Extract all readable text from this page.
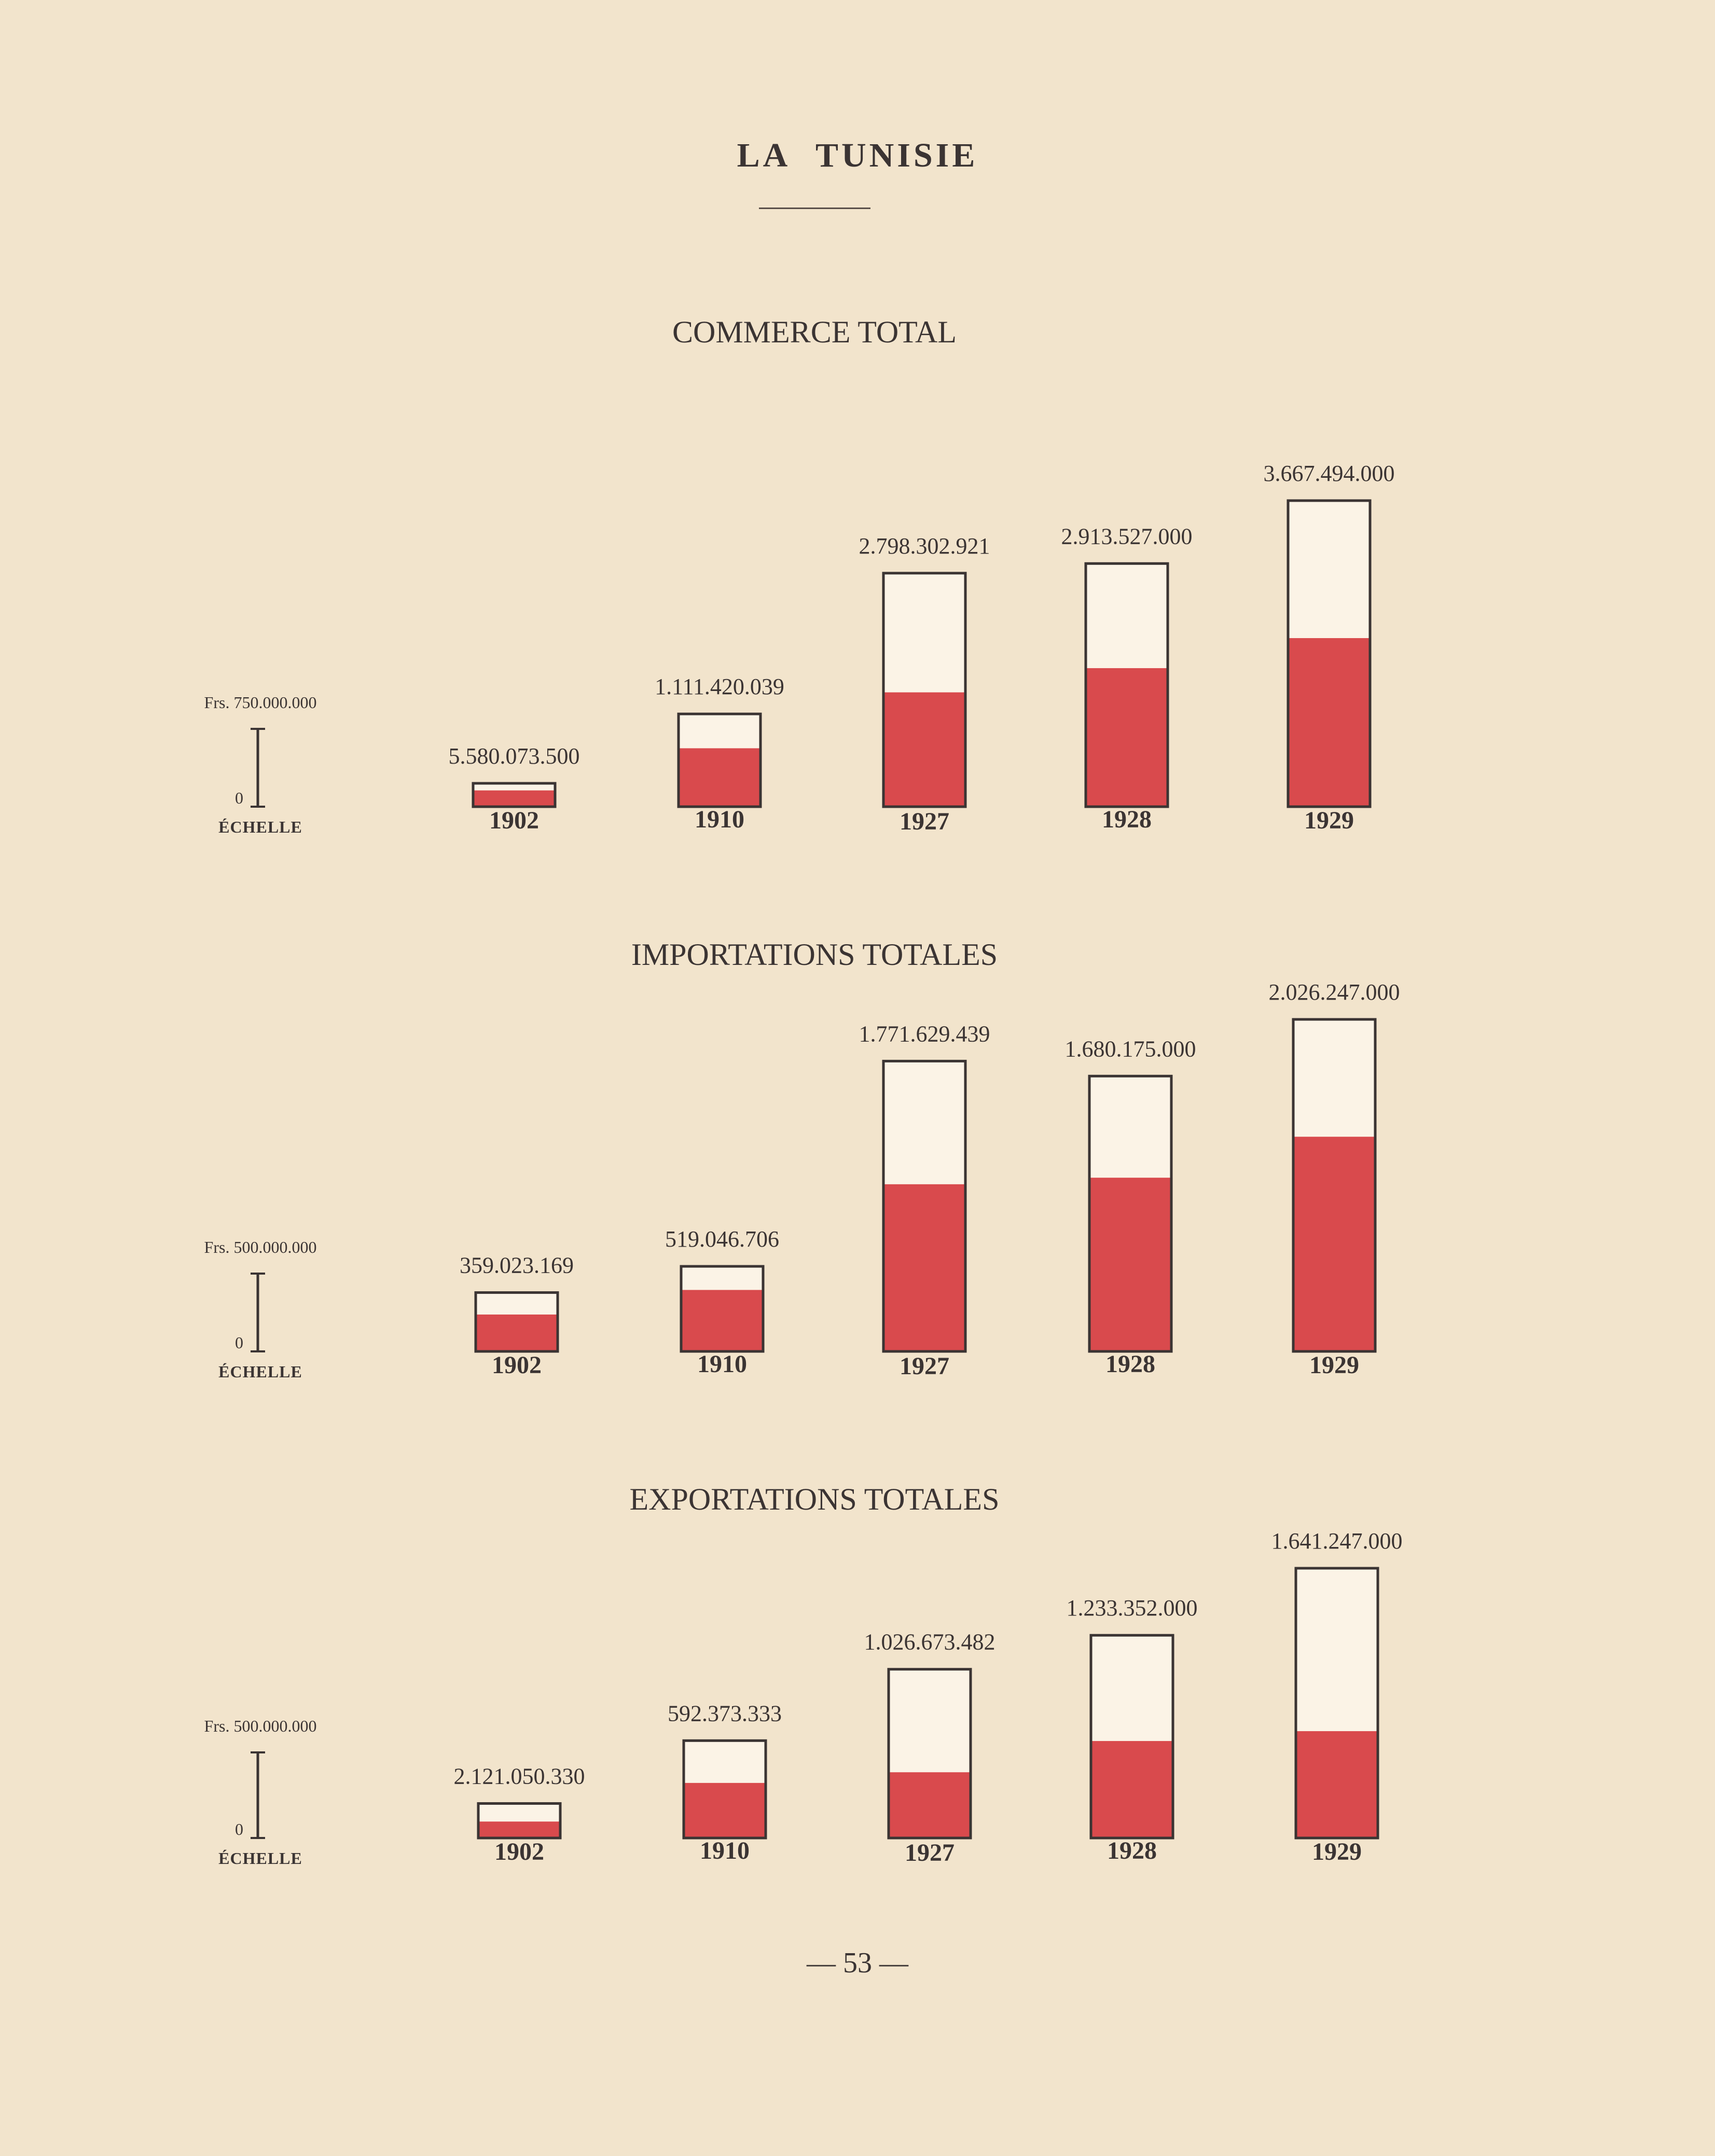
LA TUNISIE
COMMERCE TOTAL
Frs. 750.000.000
0
ÉCHELLE
5.580.073.500
1902
1.111.420.039
1910
2.798.302.921
1927
2.913.527.000
1928
3.667.494.000
1929
IMPORTATIONS TOTALES
Frs. 500.000.000
0
ÉCHELLE
359.023.169
1902
519.046.706
1910
1.771.629.439
1927
1.680.175.000
1928
2.026.247.000
1929
EXPORTATIONS TOTALES
Frs. 500.000.000
0
ÉCHELLE
2.121.050.330
1902
592.373.333
1910
1.026.673.482
1927
1.233.352.000
1928
1.641.247.000
1929
— 53 —
